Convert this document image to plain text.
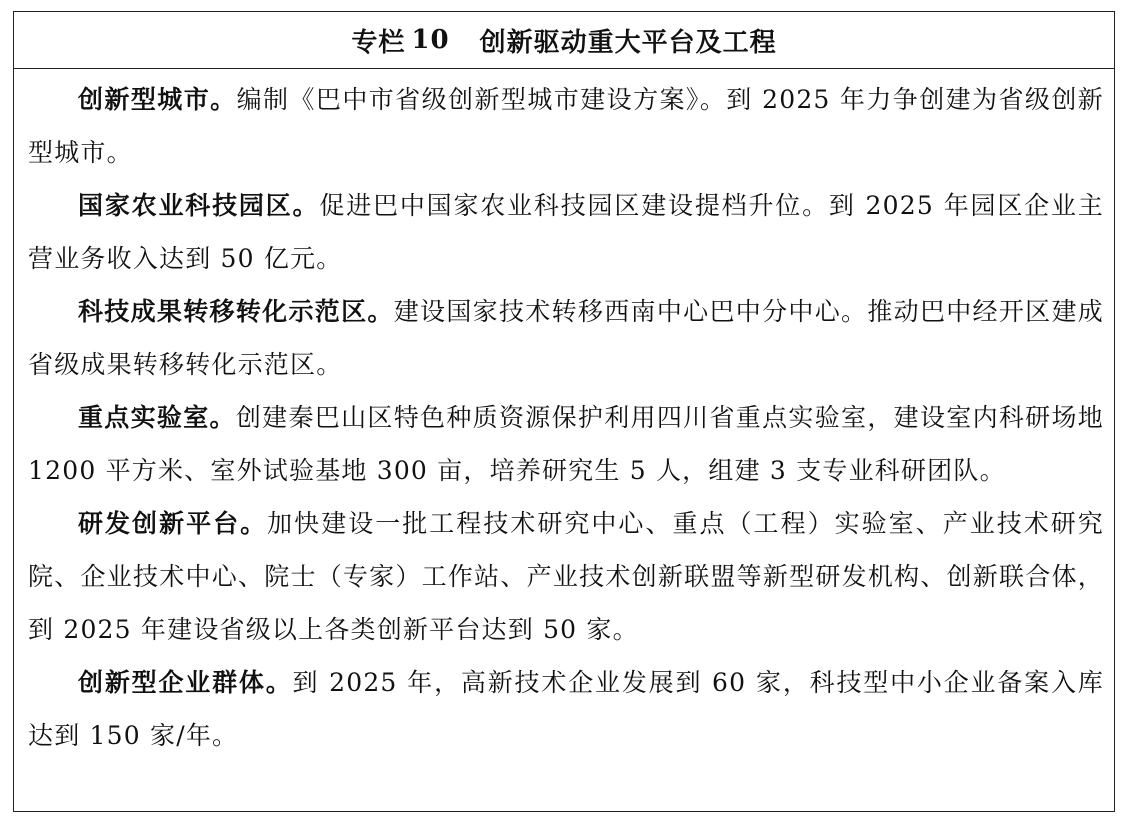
专栏 10 创新驱动重大平台及工程

创新型城市。编制《巴中市省级创新型城市建设方案》。到 2025 年力争创建为省级创新型城市。

国家农业科技园区。促进巴中国家农业科技园区建设提档升位。到 2025 年园区企业主营业务收入达到 50 亿元。

科技成果转移转化示范区。建设国家技术转移西南中心巴中分中心。推动巴中经开区建成省级成果转移转化示范区。

重点实验室。创建秦巴山区特色种质资源保护利用四川省重点实验室，建设室内科研场地 1200 平方米、室外试验基地 300 亩，培养研究生 5 人，组建 3 支专业科研团队。

研发创新平台。加快建设一批工程技术研究中心、重点（工程）实验室、产业技术研究院、企业技术中心、院士（专家）工作站、产业技术创新联盟等新型研发机构、创新联合体，到 2025 年建设省级以上各类创新平台达到 50 家。

创新型企业群体。到 2025 年，高新技术企业发展到 60 家，科技型中小企业备案入库达到 150 家/年。
